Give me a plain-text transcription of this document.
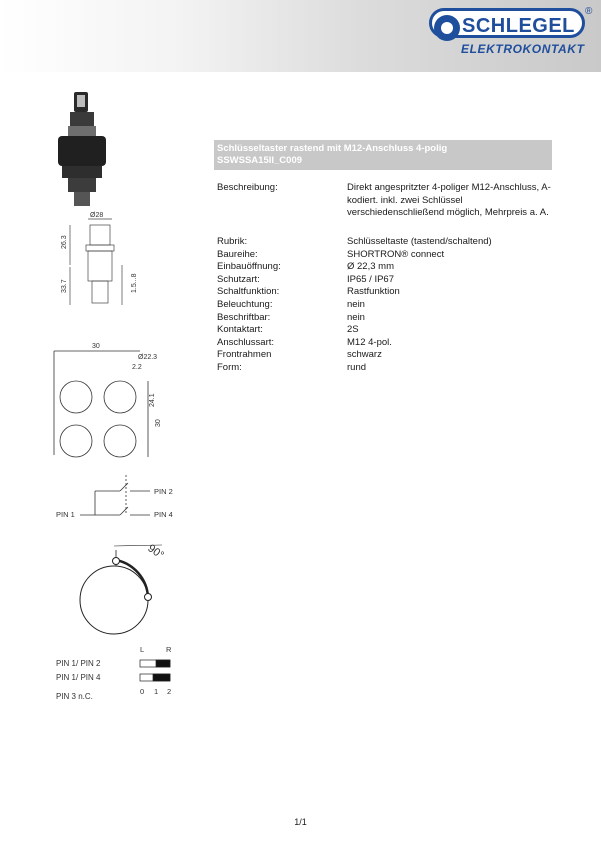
SCHLEGEL
®
ELEKTROKONTAKT
Schlüsseltaster rastend mit M12-Anschluss 4-polig
SSWSSA15II_C009
Beschreibung:	Direkt angespritzter 4-poliger M12-Anschluss, A-kodiert. inkl. zwei Schlüssel verschiedenschließend möglich, Mehrpreis a. A.
Rubrik:	Schlüsseltaste (tastend/schaltend)
Baureihe:	SHORTRON® connect
Einbauöffnung:	Ø 22,3 mm
Schutzart:	IP65 / IP67
Schaltfunktion:	Rastfunktion
Beleuchtung:	nein
Beschriftbar:	nein
Kontaktart:	2S
Anschlussart:	M12 4-pol.
Frontrahmen	schwarz
Form:	rund
Ø28
26.3
33.7	1.5...8
30
Ø22.3
2.2
24.1
30
PIN 1
PIN 2
PIN 4
90°
L	R
PIN 1/ PIN 2
PIN 1/ PIN 4
PIN 3 n.C.
0 1 2
1/1
